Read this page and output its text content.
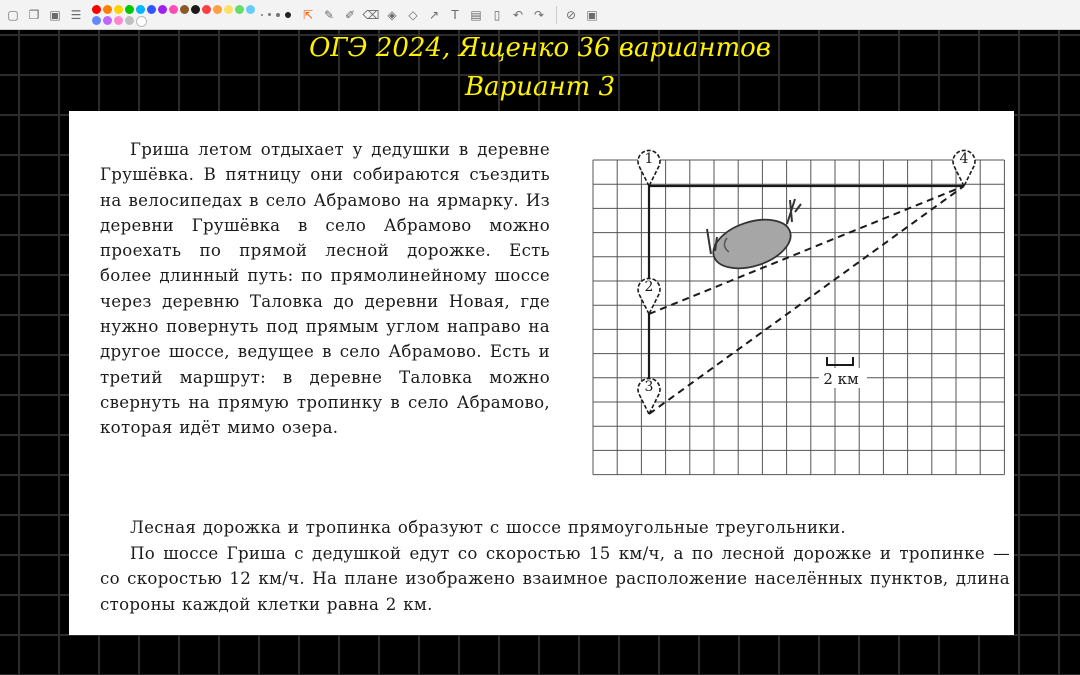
▢ ❐ ▣ ☰	⇱ ✎ ✐ ⌫ ◈ ◇ ↗	T ▤	▯	↶ ↷	⊘ ▣
ОГЭ 2024, Ященко 36 вариантов
Вариант 3

Гриша летом отдыхает у дедушки в деревне Грушёвка. В пятницу они собираются съездить на велосипедах в село Абрамово на ярмарку. Из деревни Грушёвка в село Абрамово можно проехать по прямой лесной дорожке. Есть более длинный путь: по прямолинейному шоссе через деревню Таловка до деревни Новая, где нужно повернуть под прямым углом направо на другое шоссе, ведущее в село Абрамово. Есть и третий маршрут: в деревне Таловка можно свернуть на прямую тропинку в село Абрамово, которая идёт мимо озера.

2 км
1
2
3
4

Лесная дорожка и тропинка образуют с шоссе прямоугольные треугольники.

По шоссе Гриша с дедушкой едут со скоростью 15 км/ч, а по лесной дорожке и тропинке — со скоростью 12 км/ч. На плане изображено взаимное расположение населённых пунктов, длина стороны каждой клетки равна 2 км.
